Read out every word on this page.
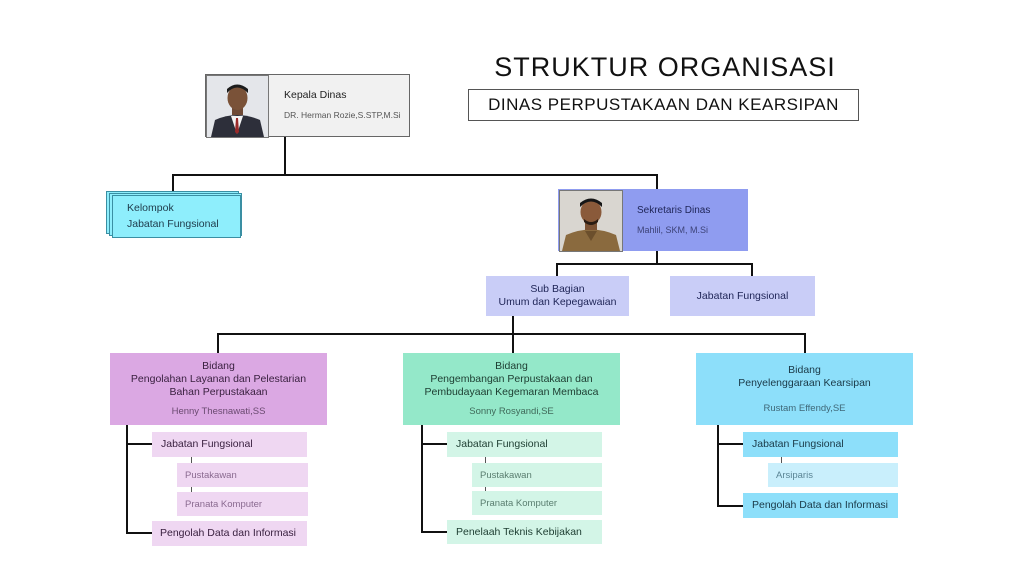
STRUKTUR ORGANISASI
DINAS PERPUSTAKAAN DAN KEARSIPAN
Kepala Dinas
DR. Herman Rozie,S.STP,M.Si
Kelompok
Jabatan Fungsional
Sekretaris Dinas
Mahlil, SKM, M.Si
Sub Bagian
Umum dan Kepegawaian
Jabatan Fungsional
Bidang
Pengolahan Layanan dan Pelestarian
Bahan Perpustakaan
Henny Thesnawati,SS
Jabatan Fungsional
Pustakawan
Pranata Komputer
Pengolah Data dan Informasi
Bidang
Pengembangan Perpustakaan dan
Pembudayaan Kegemaran Membaca
Sonny Rosyandi,SE
Jabatan Fungsional
Pustakawan
Pranata Komputer
Penelaah Teknis Kebijakan
Bidang
Penyelenggaraan Kearsipan
Rustam Effendy,SE
Jabatan Fungsional
Arsiparis
Pengolah Data dan Informasi
